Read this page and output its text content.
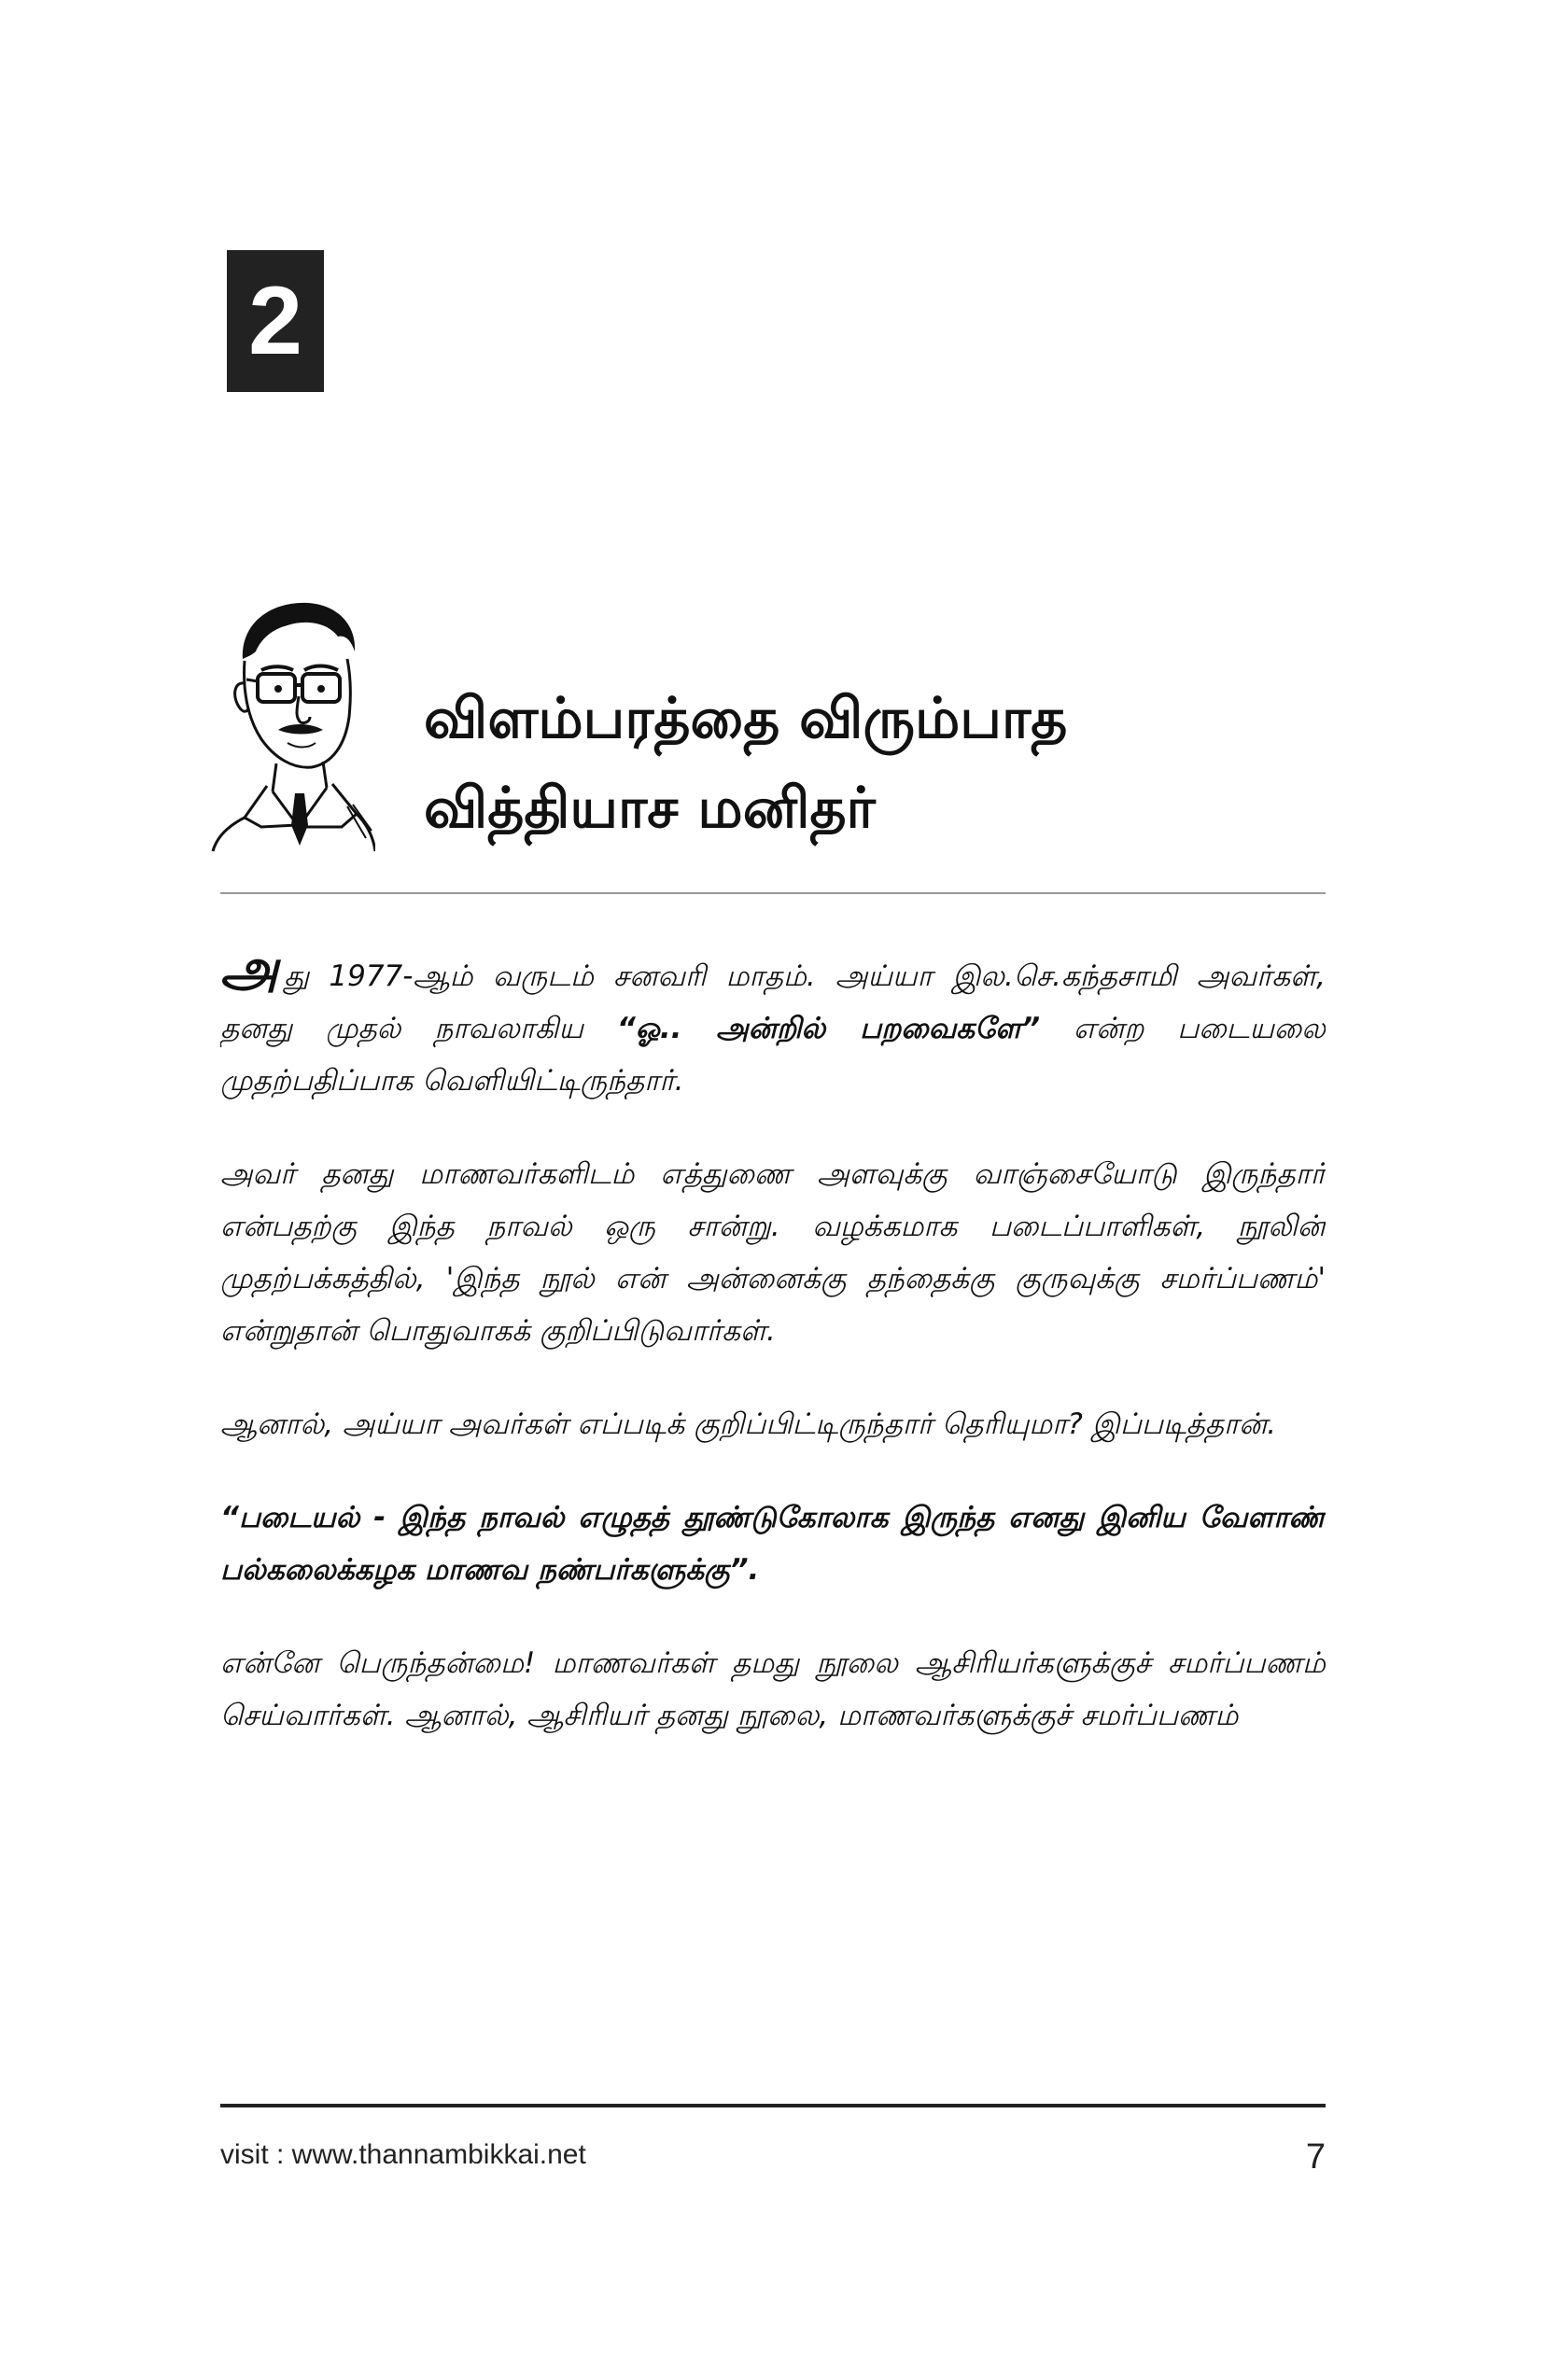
2
விளம்பரத்தை விரும்பாத
வித்தியாச மனிதர்

அது 1977-ஆம் வருடம் சனவரி மாதம். அய்யா இல.செ.கந்தசாமி அவர்கள், தனது முதல் நாவலாகிய “ஓ.. அன்றில் பறவைகளே” என்ற படையலை முதற்பதிப்பாக வெளியிட்டிருந்தார்.

அவர் தனது மாணவர்களிடம் எத்துணை அளவுக்கு வாஞ்சையோடு இருந்தார் என்பதற்கு இந்த நாவல் ஒரு சான்று. வழக்கமாக படைப்பாளிகள், நூலின் முதற்பக்கத்தில், 'இந்த நூல் என் அன்னைக்கு தந்தைக்கு குருவுக்கு சமர்ப்பணம்' என்றுதான் பொதுவாகக் குறிப்பிடுவார்கள்.

ஆனால், அய்யா அவர்கள் எப்படிக் குறிப்பிட்டிருந்தார் தெரியுமா? இப்படித்தான்.

“படையல் - இந்த நாவல் எழுதத் தூண்டுகோலாக இருந்த எனது இனிய வேளாண் பல்கலைக்கழக மாணவ நண்பர்களுக்கு”.

என்னே பெருந்தன்மை! மாணவர்கள் தமது நூலை ஆசிரியர்களுக்குச் சமர்ப்பணம் செய்வார்கள். ஆனால், ஆசிரியர் தனது நூலை, மாணவர்களுக்குச் சமர்ப்பணம்

visit : www.thannambikkai.net	7
